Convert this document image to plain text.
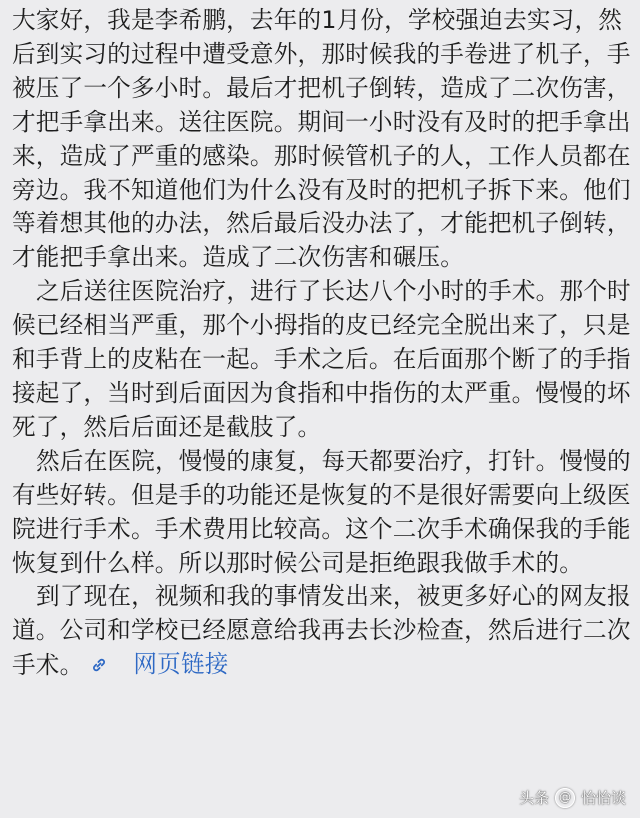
大家好，我是李希鹏，去年的1月份，学校强迫去实习，然后到实习的过程中遭受意外，那时候我的手卷进了机子，手被压了一个多小时。最后才把机子倒转，造成了二次伤害，才把手拿出来。送往医院。期间一小时没有及时的把手拿出来，造成了严重的感染。那时候管机子的人，工作人员都在旁边。我不知道他们为什么没有及时的把机子拆下来。他们等着想其他的办法，然后最后没办法了，才能把机子倒转，才能把手拿出来。造成了二次伤害和碾压。

之后送往医院治疗，进行了长达八个小时的手术。那个时候已经相当严重，那个小拇指的皮已经完全脱出来了，只是和手背上的皮粘在一起。手术之后。在后面那个断了的手指接起了，当时到后面因为食指和中指伤的太严重。慢慢的坏死了，然后后面还是截肢了。

然后在医院，慢慢的康复，每天都要治疗，打针。慢慢的有些好转。但是手的功能还是恢复的不是很好需要向上级医院进行手术。手术费用比较高。这个二次手术确保我的手能恢复到什么样。所以那时候公司是拒绝跟我做手术的。

到了现在，视频和我的事情发出来，被更多好心的网友报道。公司和学校已经愿意给我再去长沙检查，然后进行二次手术。	网页链接

头条 @ 怡怡谈
